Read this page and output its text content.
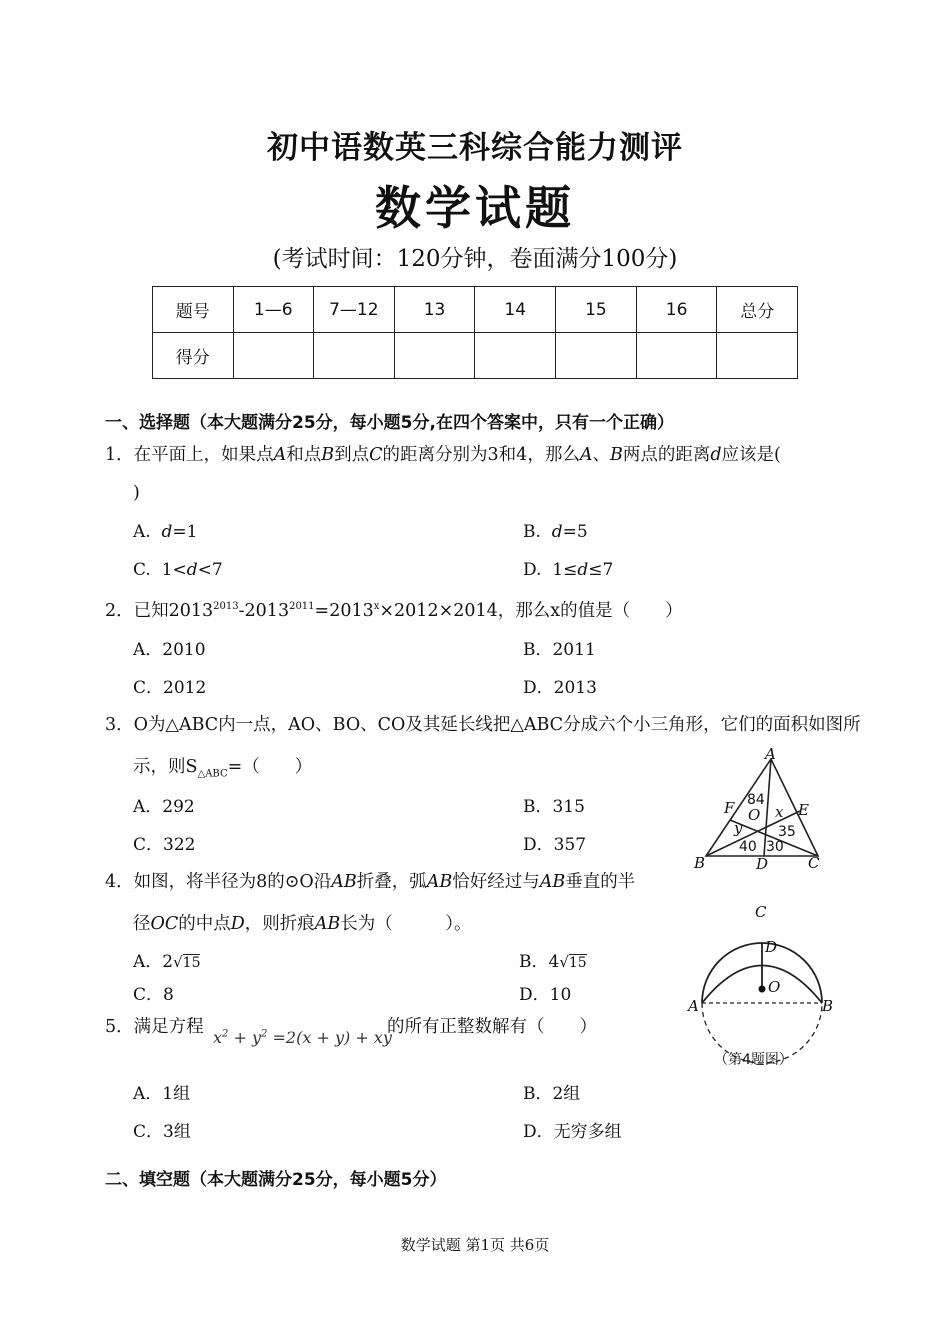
初中语数英三科综合能力测评
数学试题
(考试时间：120分钟，卷面满分100分)
题号	1—6	7—12	13	14	15	16	总分
得分							
一、选择题（本大题满分25分，每小题5分,在四个答案中，只有一个正确）
1．在平面上，如果点A和点B到点C的距离分别为3和4，那么A、B两点的距离d应该是(
)
A. d=1	B. d=5
C. 1<d<7	D. 1≤d≤7
2．已知$2013^{2013}-2013^{2011}=2013^x\times 2012\times 2014$，那么x的值是（　　）
A．2010	B．2011
C．2012	D．2013
3．O为△ABC内一点，AO、BO、CO及其延长线把△ABC分成六个小三角形，它们的面积如图所
示，则$S_{\triangle ABC}=$（　　）
A．292	B．315
C．322	D．357
A
B	C
D
E
F O x
y
84
35
40 30
4．如图，将半径为8的⊙O沿AB折叠，弧AB恰好经过与AB垂直的半
径OC的中点D，则折痕AB长为（　　　）。
A．2√15	B．4√15
C．8	D．10
C
D
O
A	B
（第4题图）
5．满足方程
$x^2 + y^2 =2(x + y)$ + xy
的所有正整数解有（　　）
A．1组	B．2组
C．3组	D．无穷多组
二、填空题（本大题满分25分，每小题5分）
数学试题 第1页 共6页
